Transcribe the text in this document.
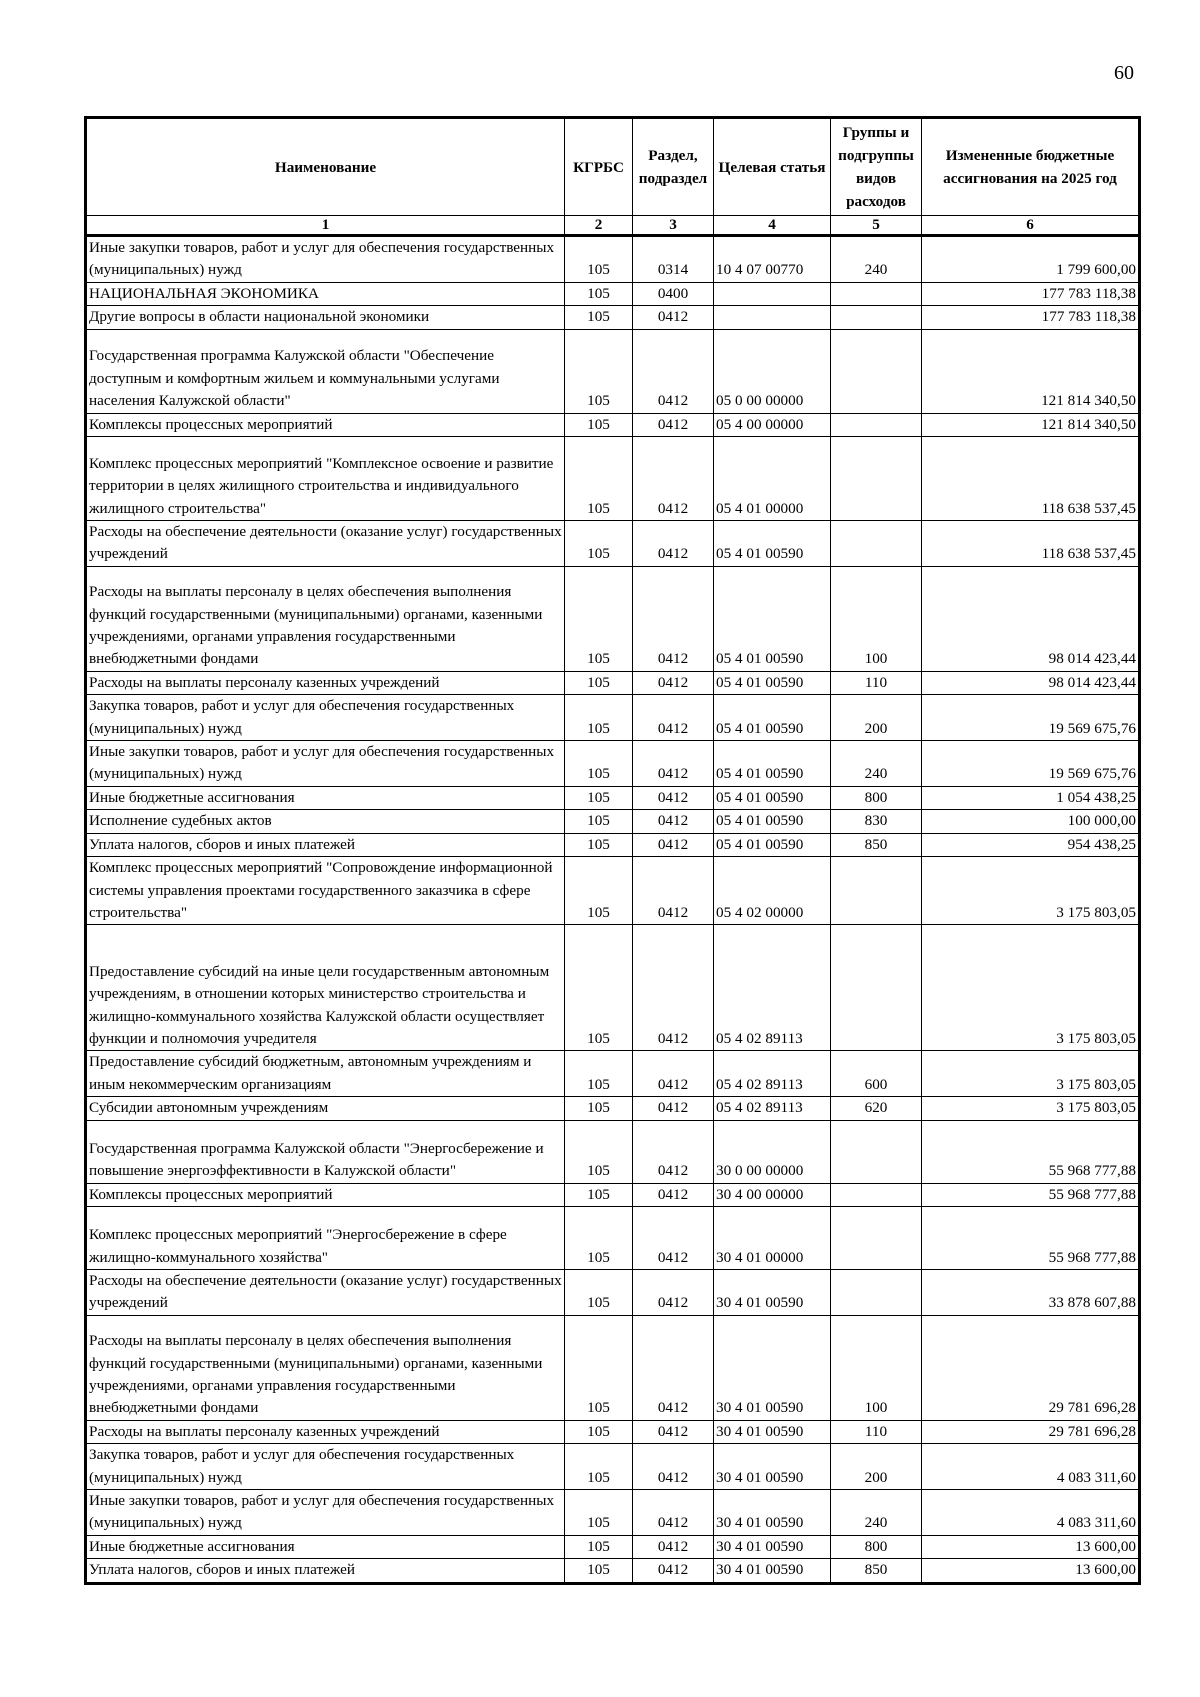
60
Наименование	КГРБС	Раздел, подраздел	Целевая статья	Группы и подгруппы видов расходов	Измененные бюджетные ассигнования на 2025 год
1	2	3	4	5	6
Иные закупки товаров, работ и услуг для обеспечения государственных (муниципальных) нужд	105	0314	10 4 07 00770	240	1 799 600,00
НАЦИОНАЛЬНАЯ ЭКОНОМИКА	105	0400			177 783 118,38
Другие вопросы в области национальной экономики	105	0412			177 783 118,38
Государственная программа Калужской области "Обеспечение доступным и комфортным жильем и коммунальными услугами населения Калужской области"	105	0412	05 0 00 00000		121 814 340,50
Комплексы процессных мероприятий	105	0412	05 4 00 00000		121 814 340,50
Комплекс процессных мероприятий "Комплексное освоение и развитие территории в целях жилищного строительства и индивидуального жилищного строительства"	105	0412	05 4 01 00000		118 638 537,45
Расходы на обеспечение деятельности (оказание услуг) государственных учреждений	105	0412	05 4 01 00590		118 638 537,45
Расходы на выплаты персоналу в целях обеспечения выполнения функций государственными (муниципальными) органами, казенными учреждениями, органами управления государственными внебюджетными фондами	105	0412	05 4 01 00590	100	98 014 423,44
Расходы на выплаты персоналу казенных учреждений	105	0412	05 4 01 00590	110	98 014 423,44
Закупка товаров, работ и услуг для обеспечения государственных (муниципальных) нужд	105	0412	05 4 01 00590	200	19 569 675,76
Иные закупки товаров, работ и услуг для обеспечения государственных (муниципальных) нужд	105	0412	05 4 01 00590	240	19 569 675,76
Иные бюджетные ассигнования	105	0412	05 4 01 00590	800	1 054 438,25
Исполнение судебных актов	105	0412	05 4 01 00590	830	100 000,00
Уплата налогов, сборов и иных платежей	105	0412	05 4 01 00590	850	954 438,25
Комплекс процессных мероприятий "Сопровождение информационной системы управления проектами государственного заказчика в сфере строительства"	105	0412	05 4 02 00000		3 175 803,05
Предоставление субсидий на иные цели государственным автономным учреждениям, в отношении которых министерство строительства и жилищно-коммунального хозяйства Калужской области осуществляет функции и полномочия учредителя	105	0412	05 4 02 89113		3 175 803,05
Предоставление субсидий бюджетным, автономным учреждениям и иным некоммерческим организациям	105	0412	05 4 02 89113	600	3 175 803,05
Субсидии автономным учреждениям	105	0412	05 4 02 89113	620	3 175 803,05
Государственная программа Калужской области "Энергосбережение и повышение энергоэффективности в Калужской области"	105	0412	30 0 00 00000		55 968 777,88
Комплексы процессных мероприятий	105	0412	30 4 00 00000		55 968 777,88
Комплекс процессных мероприятий "Энергосбережение в сфере жилищно-коммунального хозяйства"	105	0412	30 4 01 00000		55 968 777,88
Расходы на обеспечение деятельности (оказание услуг) государственных учреждений	105	0412	30 4 01 00590		33 878 607,88
Расходы на выплаты персоналу в целях обеспечения выполнения функций государственными (муниципальными) органами, казенными учреждениями, органами управления государственными внебюджетными фондами	105	0412	30 4 01 00590	100	29 781 696,28
Расходы на выплаты персоналу казенных учреждений	105	0412	30 4 01 00590	110	29 781 696,28
Закупка товаров, работ и услуг для обеспечения государственных (муниципальных) нужд	105	0412	30 4 01 00590	200	4 083 311,60
Иные закупки товаров, работ и услуг для обеспечения государственных (муниципальных) нужд	105	0412	30 4 01 00590	240	4 083 311,60
Иные бюджетные ассигнования	105	0412	30 4 01 00590	800	13 600,00
Уплата налогов, сборов и иных платежей	105	0412	30 4 01 00590	850	13 600,00
